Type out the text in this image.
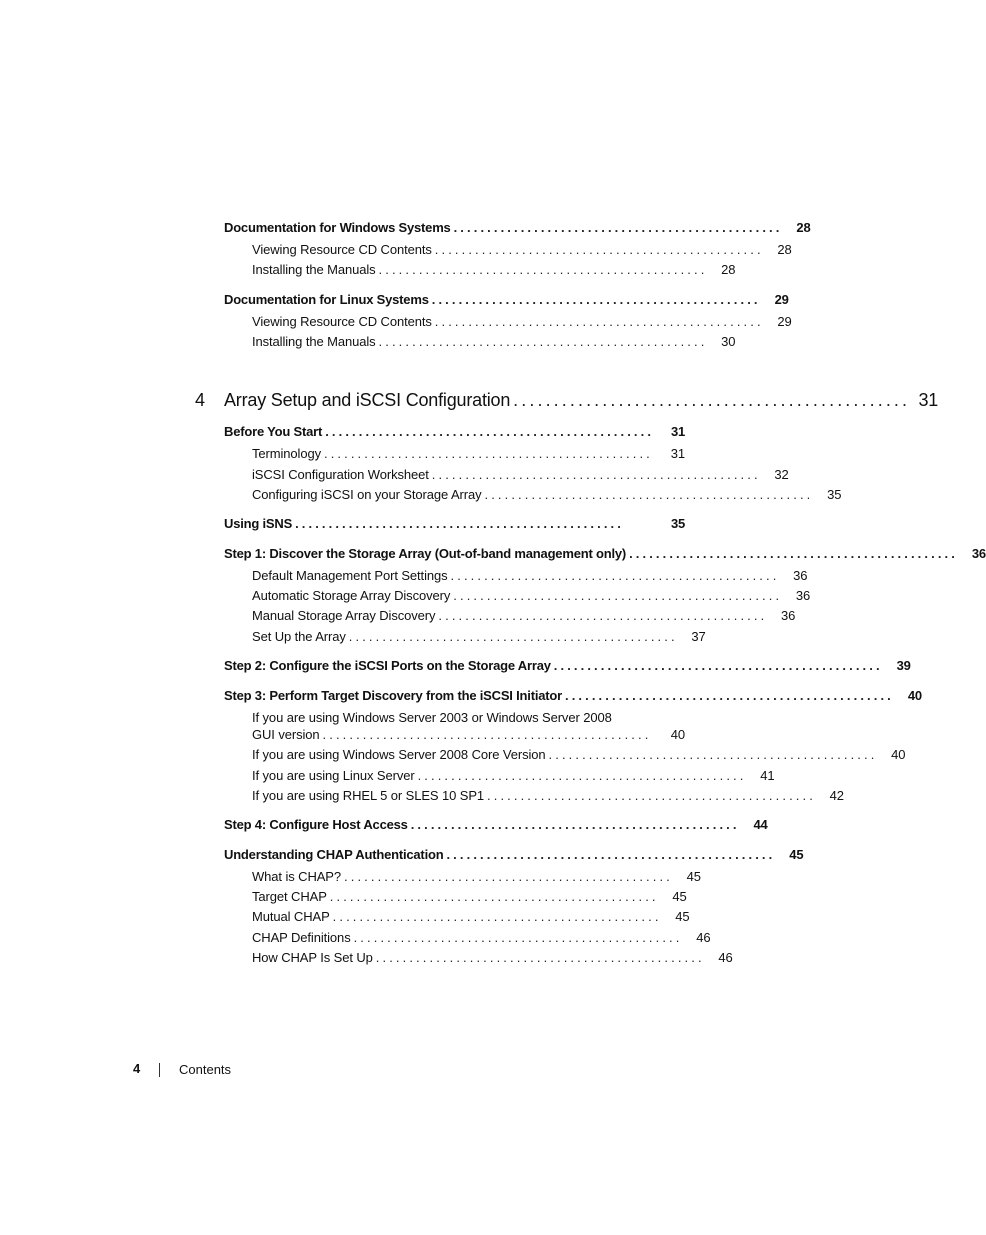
Documentation for Windows Systems .................................................	28
Viewing Resource CD Contents .................................................	28
Installing the Manuals .................................................	28
Documentation for Linux Systems .................................................	29
Viewing Resource CD Contents .................................................	29
Installing the Manuals .................................................	30
4 Array Setup and iSCSI Configuration ................................................. 31
Before You Start .................................................	31
Terminology .................................................	31
iSCSI Configuration Worksheet .................................................	32
Configuring iSCSI on your Storage Array .................................................	35
Using iSNS .................................................	35
Step 1: Discover the Storage Array (Out-of-band management only) .................................................	36
Default Management Port Settings .................................................	36
Automatic Storage Array Discovery .................................................	36
Manual Storage Array Discovery .................................................	36
Set Up the Array .................................................	37
Step 2: Configure the iSCSI Ports on the Storage Array .................................................	39
Step 3: Perform Target Discovery from the iSCSI Initiator .................................................	40
If you are using Windows Server 2003 or Windows Server 2008
GUI version .................................................	40
If you are using Windows Server 2008 Core Version .................................................	40
If you are using Linux Server .................................................	41
If you are using RHEL 5 or SLES 10 SP1 .................................................	42
Step 4: Configure Host Access .................................................	44
Understanding CHAP Authentication .................................................	45
What is CHAP? .................................................	45
Target CHAP .................................................	45
Mutual CHAP .................................................	45
CHAP Definitions .................................................	46
How CHAP Is Set Up .................................................	46
4	Contents
